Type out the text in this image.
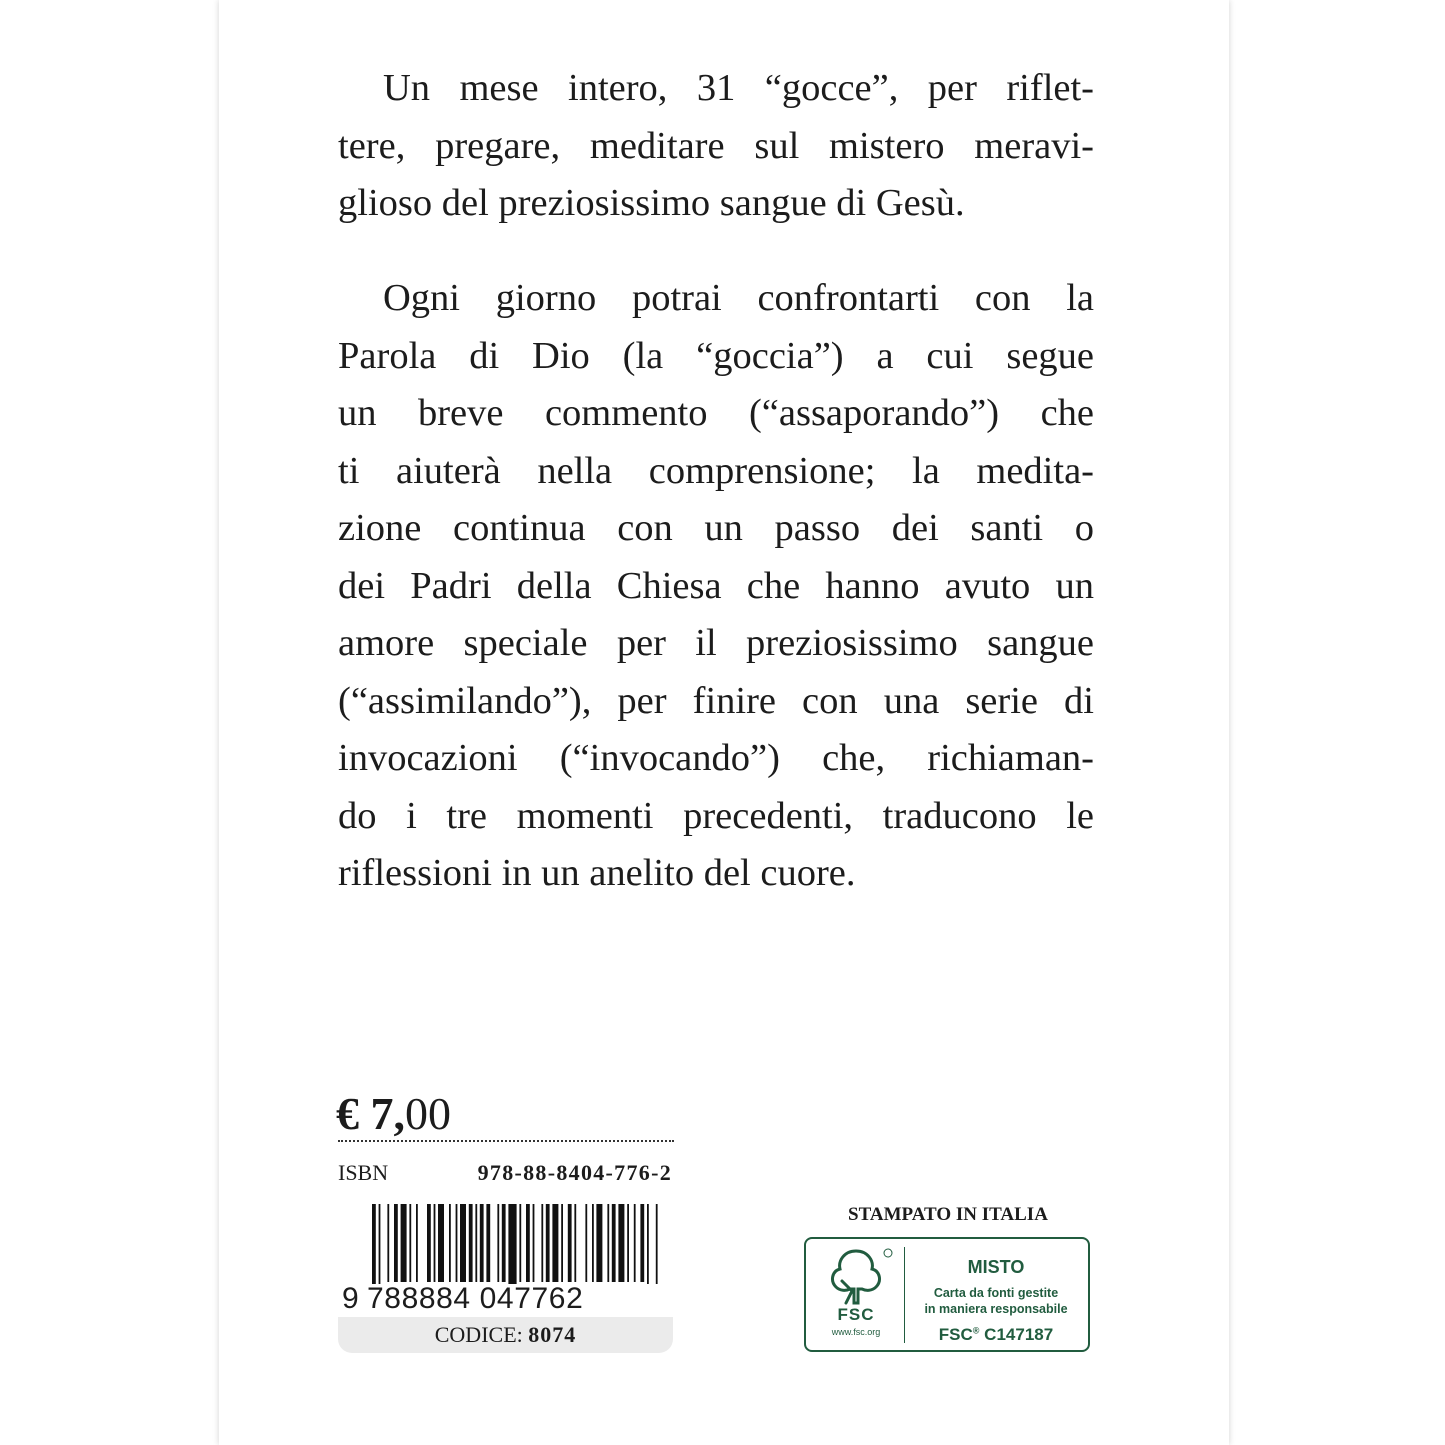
Un mese intero, 31 “gocce”, per riflet-
tere, pregare, meditare sul mistero meravi-
glioso del preziosissimo sangue di Gesù.
Ogni giorno potrai confrontarti con la
Parola di Dio (la “goccia”) a cui segue
un breve commento (“assaporando”) che
ti aiuterà nella comprensione; la medita-
zione continua con un passo dei santi o
dei Padri della Chiesa che hanno avuto un
amore speciale per il preziosissimo sangue
(“assimilando”), per finire con una serie di
invocazioni (“invocando”) che, richiaman-
do i tre momenti precedenti, traducono le
riflessioni in un anelito del cuore.
€ 7,00
ISBN	978-88-8404-776-2
9 788884 047762
CODICE: 8074
STAMPATO IN ITALIA
FSC
www.fsc.org
MISTO
Carta da fonti gestite
in maniera responsabile
FSC® C147187
